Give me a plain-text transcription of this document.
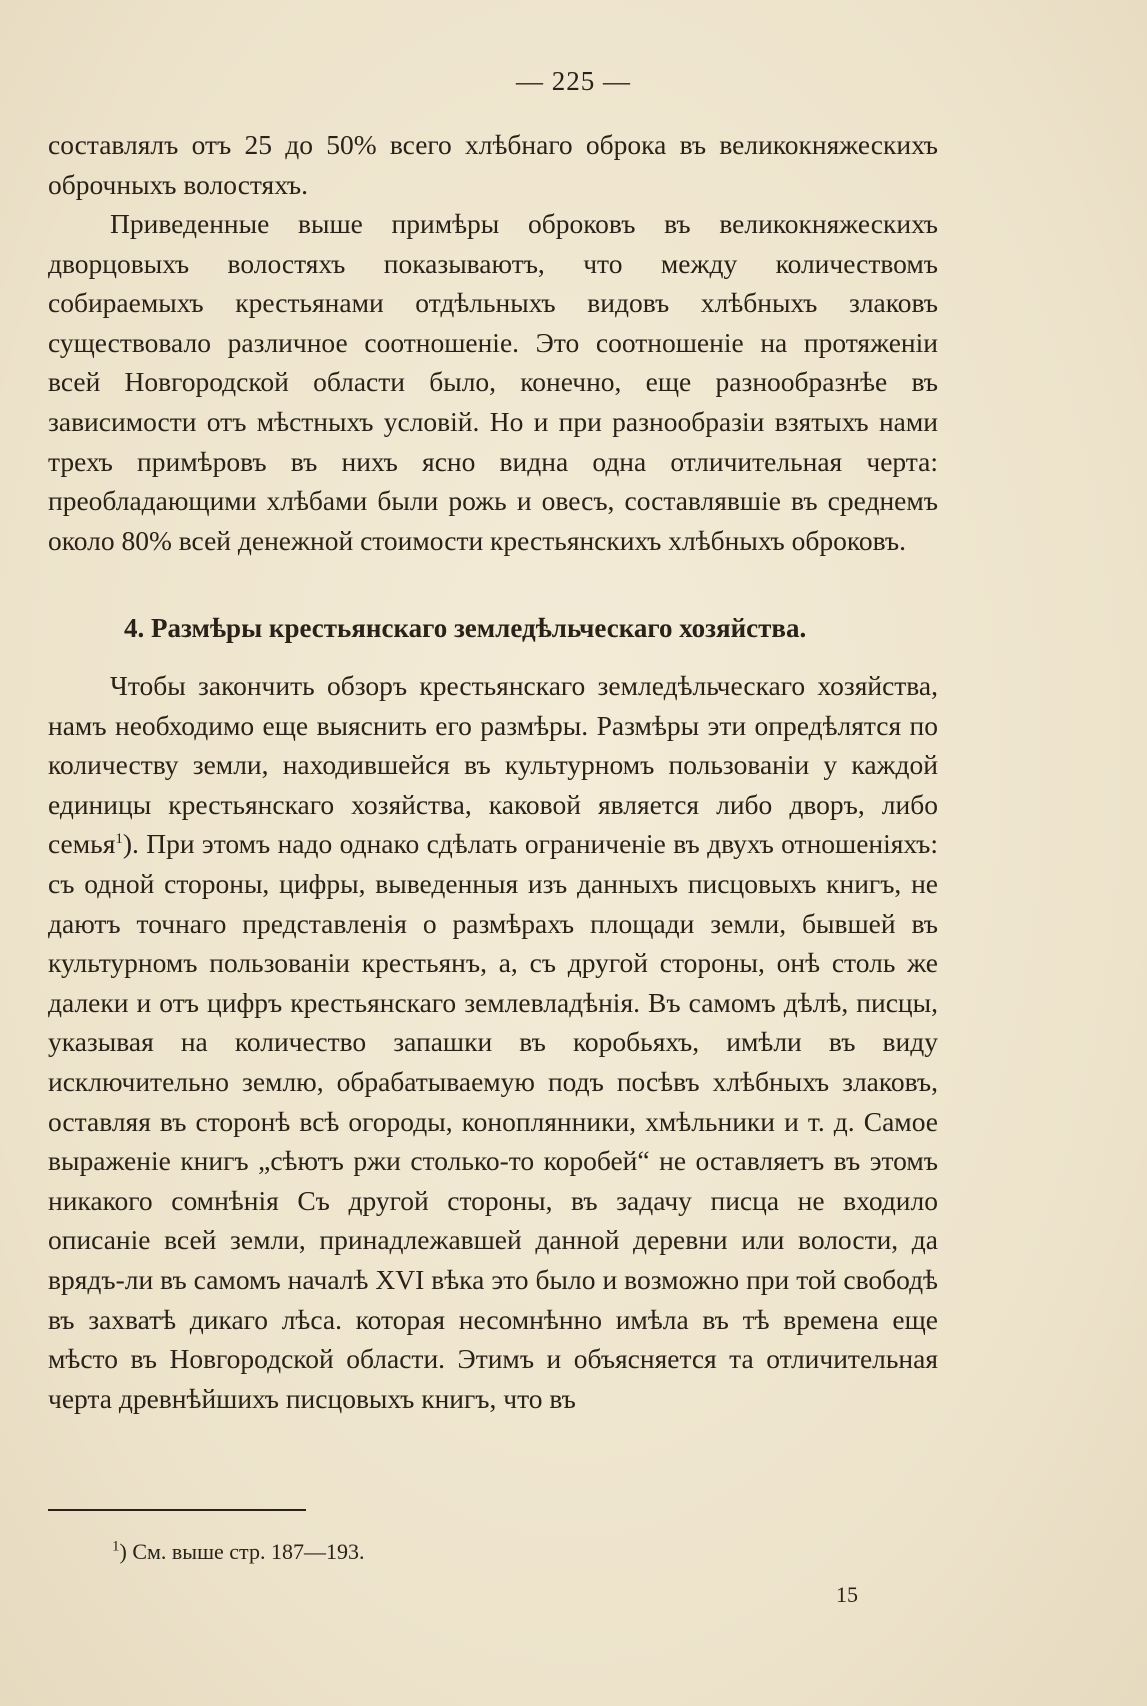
— 225 —

составлялъ отъ 25 до 50% всего хлѣбнаго оброка въ великокняжескихъ оброчныхъ волостяхъ.

Приведенные выше примѣры оброковъ въ великокняжескихъ дворцовыхъ волостяхъ показываютъ, что между количествомъ собираемыхъ крестьянами отдѣльныхъ видовъ хлѣбныхъ злаковъ существовало различное соотношеніе. Это соотношеніе на протяженіи всей Новгородской области было, конечно, еще разнообразнѣе въ зависимости отъ мѣстныхъ условій. Но и при разнообразіи взятыхъ нами трехъ примѣровъ въ нихъ ясно видна одна отличительная черта: преобладающими хлѣбами были рожь и овесъ, составлявшіе въ среднемъ около 80% всей денежной стоимости крестьянскихъ хлѣбныхъ оброковъ.

4. Размѣры крестьянскаго земледѣльческаго хозяйства.

Чтобы закончить обзоръ крестьянскаго земледѣльческаго хозяйства, намъ необходимо еще выяснить его размѣры. Размѣры эти опредѣлятся по количеству земли, находившейся въ культурномъ пользованіи у каждой единицы крестьянскаго хозяйства, каковой является либо дворъ, либо семья$^1$). При этомъ надо однако сдѣлать ограниченіе въ двухъ отношеніяхъ: съ одной стороны, цифры, выведенныя изъ данныхъ писцовыхъ книгъ, не даютъ точнаго представленія о размѣрахъ площади земли, бывшей въ культурномъ пользованіи крестьянъ, а, съ другой стороны, онѣ столь же далеки и отъ цифръ крестьянскаго землевладѣнія. Въ самомъ дѣлѣ, писцы, указывая на количество запашки въ коробьяхъ, имѣли въ виду исключительно землю, обрабатываемую подъ посѣвъ хлѣбныхъ злаковъ, оставляя въ сторонѣ всѣ огороды, коноплянники, хмѣльники и т. д. Самое выраженіе книгъ „сѣютъ ржи столько-то коробей“ не оставляетъ въ этомъ никакого сомнѣнія Съ другой стороны, въ задачу писца не входило описаніе всей земли, принадлежавшей данной деревни или волости, да врядъ-ли въ самомъ началѣ XVI вѣка это было и возможно при той свободѣ въ захватѣ дикаго лѣса. которая несомнѣнно имѣла въ тѣ времена еще мѣсто въ Новгородской области. Этимъ и объясняется та отличительная черта древнѣйшихъ писцовыхъ книгъ, что въ

$^1$) См. выше стр. 187—193.
15
